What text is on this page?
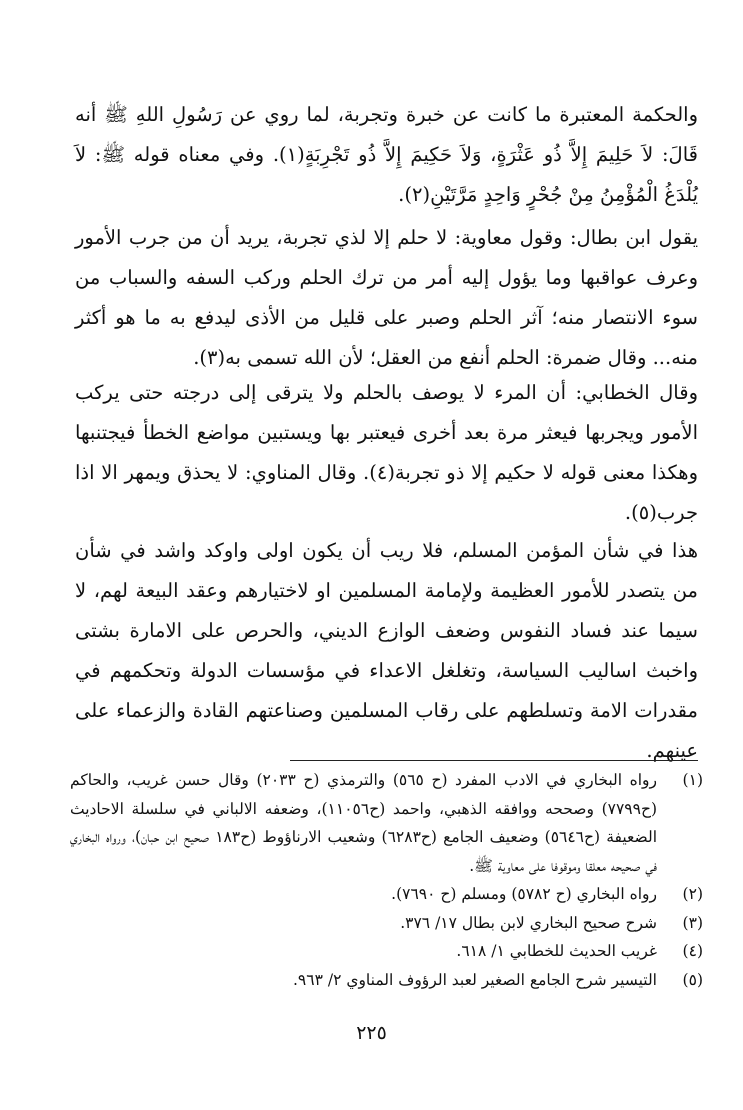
والحكمة المعتبرة ما كانت عن خبرة وتجربة، لما روي عن رَسُولِ اللهِ ﷺ أنه قَالَ: لاَ حَلِيمَ إِلاَّ ذُو عَثْرَةٍ، وَلاَ حَكِيمَ إِلاَّ ذُو تَجْرِبَةٍ(١). وفي معناه قوله ﷺ: لاَ يُلْدَغُ الْمُؤْمِنُ مِنْ جُحْرٍ وَاحِدٍ مَرَّتَيْنِ(٢).

يقول ابن بطال: وقول معاوية: لا حلم إلا لذي تجربة، يريد أن من جرب الأمور وعرف عواقبها وما يؤول إليه أمر من ترك الحلم وركب السفه والسباب من سوء الانتصار منه؛ آثر الحلم وصبر على قليل من الأذى ليدفع به ما هو أكثر منه... وقال ضمرة: الحلم أنفع من العقل؛ لأن الله تسمى به(٣).

وقال الخطابي: أن المرء لا يوصف بالحلم ولا يترقى إلى درجته حتى يركب الأمور ويجربها فيعثر مرة بعد أخرى فيعتبر بها ويستبين مواضع الخطأ فيجتنبها وهكذا معنى قوله لا حكيم إلا ذو تجربة(٤). وقال المناوي: لا يحذق ويمهر الا اذا جرب(٥).

هذا في شأن المؤمن المسلم، فلا ريب أن يكون اولى واوكد واشد في شأن من يتصدر للأمور العظيمة ولإمامة المسلمين او لاختيارهم وعقد البيعة لهم، لا سيما عند فساد النفوس وضعف الوازع الديني، والحرص على الامارة بشتى واخبث اساليب السياسة، وتغلغل الاعداء في مؤسسات الدولة وتحكمهم في مقدرات الامة وتسلطهم على رقاب المسلمين وصناعتهم القادة والزعماء على عينهم.

(١)
رواه البخاري في الادب المفرد (ح ٥٦٥) والترمذي (ح ٢٠٣٣) وقال حسن غريب، والحاكم (ح٧٧٩٩) وصححه ووافقه الذهبي، واحمد (ح١١٠٥٦)، وضعفه الالباني في سلسلة الاحاديث الضعيفة (ح٥٦٤٦) وضعيف الجامع (ح٦٢٨٣) وشعيب الارناؤوط (ح١٨٣ صحيح ابن حبان)، ورواه البخاري في صحيحه معلقا وموقوفا على معاوية ﷺ.
(٢)
رواه البخاري (ح ٥٧٨٢) ومسلم (ح ٧٦٩٠).
(٣)
شرح صحيح البخاري لابن بطال ١٧/ ٣٧٦.
(٤)
غريب الحديث للخطابي ١/ ٦١٨.
(٥)
التيسير شرح الجامع الصغير لعبد الرؤوف المناوي ٢/ ٩٦٣.
٢٢٥
